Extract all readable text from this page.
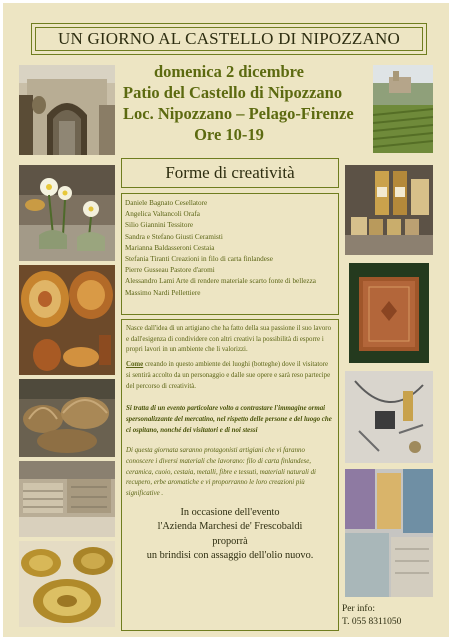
UN GIORNO AL CASTELLO DI NIPOZZANO
domenica 2 dicembre
Patio del Castello di Nipozzano
Loc. Nipozzano – Pelago-Firenze
Ore 10-19
Forme di creatività
Daniele Bagnato Cesellatore
Angelica Valtancoli Orafa
Silio Giannini Tessitore
Sandra e Stefano Giusti Ceramisti
Marianna Baldasseroni Cestaia
Stefania Tiranti Creazioni in filo di carta finlandese
Pierre Gusseau Pastore d'aromi
Alessandro Lami Arte di rendere materiale scarto fonte di bellezza
Massimo Nardi Pellettiere

Nasce dall'idea di un artigiano che ha fatto della sua passione il suo lavoro e dall'esigenza di condividere con altri creativi la possibilità di esporre i propri lavori in un ambiente che li valorizzi.

Come creando in questo ambiente dei luoghi (botteghe) dove il visitatore si sentirà accolto da un personaggio e dalle sue opere e sarà reso partecipe del percorso di creatività.

Si tratta di un evento particolare volto a contrastare l'immagine ormai spersonalizzante del mercatino, nel rispetto delle persone e del luogo che ci ospitano, nonché dei visitatori e di noi stessi

Di questa giornata saranno protagonisti artigiani che vi faranno conoscere i diversi materiali che lavorano: filo di carta finlandese, ceramica, cuoio, cestaia, metalli, fibre e tessuti, materiali naturali di recupero, erbe aromatiche e vi proporranno le loro creazioni più significative .

In occasione dell'evento
l'Azienda Marchesi de' Frescobaldi
proporrà
un brindisi con assaggio dell'olio nuovo.
Per info:
T. 055 8311050
